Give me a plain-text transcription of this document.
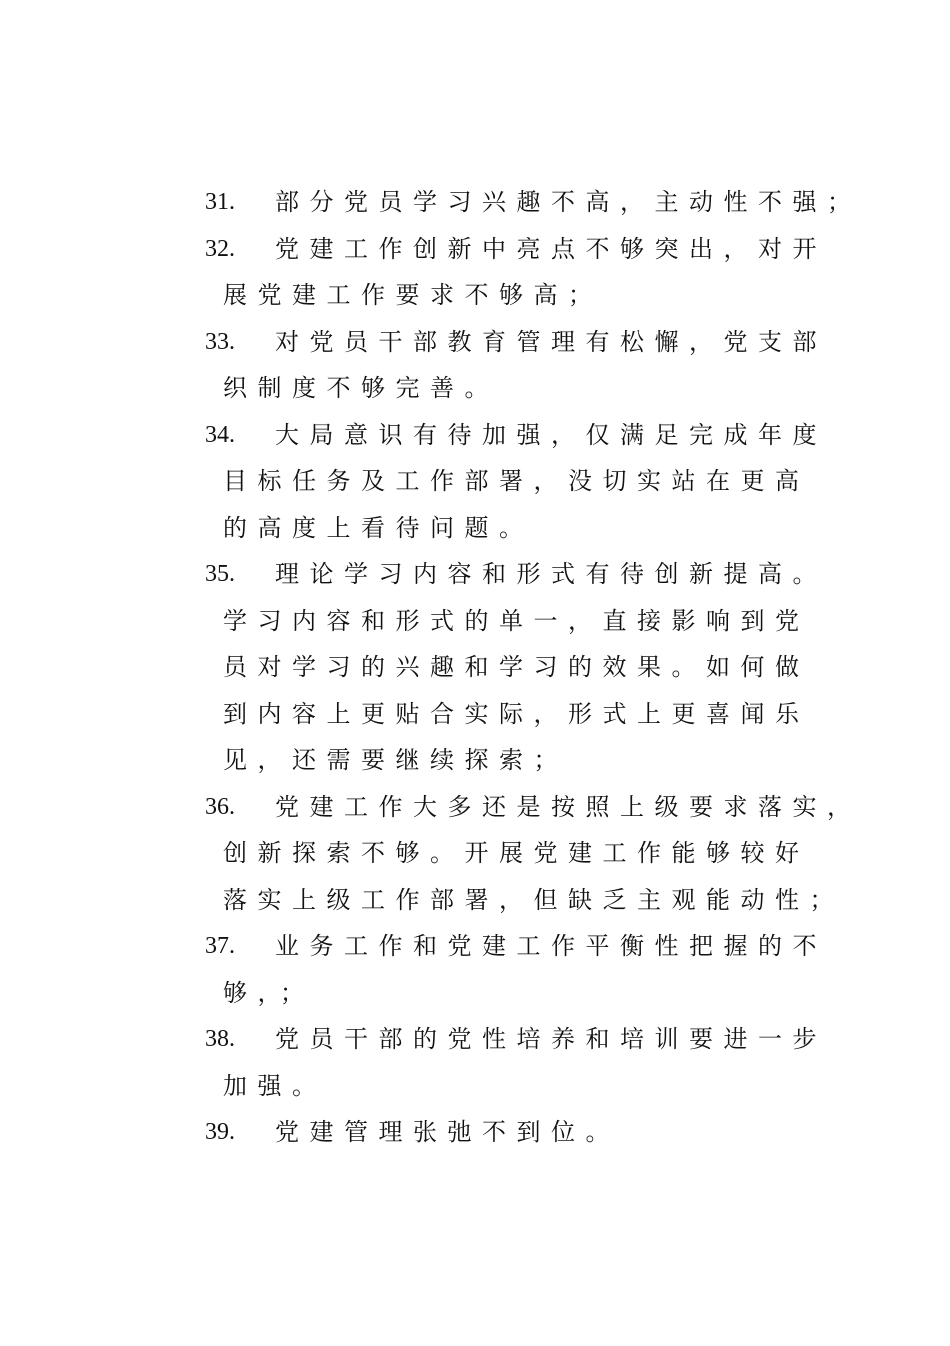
31. 部分党员学习兴趣不高，主动性不强；
32. 党建工作创新中亮点不够突出，对开
展党建工作要求不够高；
33. 对党员干部教育管理有松懈，党支部
织制度不够完善。
34. 大局意识有待加强，仅满足完成年度
目标任务及工作部署，没切实站在更高
的高度上看待问题。
35. 理论学习内容和形式有待创新提高。
学习内容和形式的单一，直接影响到党
员对学习的兴趣和学习的效果。如何做
到内容上更贴合实际，形式上更喜闻乐
见，还需要继续探索；
36. 党建工作大多还是按照上级要求落实，
创新探索不够。开展党建工作能够较好
落实上级工作部署，但缺乏主观能动性；
37. 业务工作和党建工作平衡性把握的不
够，；
38. 党员干部的党性培养和培训要进一步
加强。
39. 党建管理张弛不到位。
